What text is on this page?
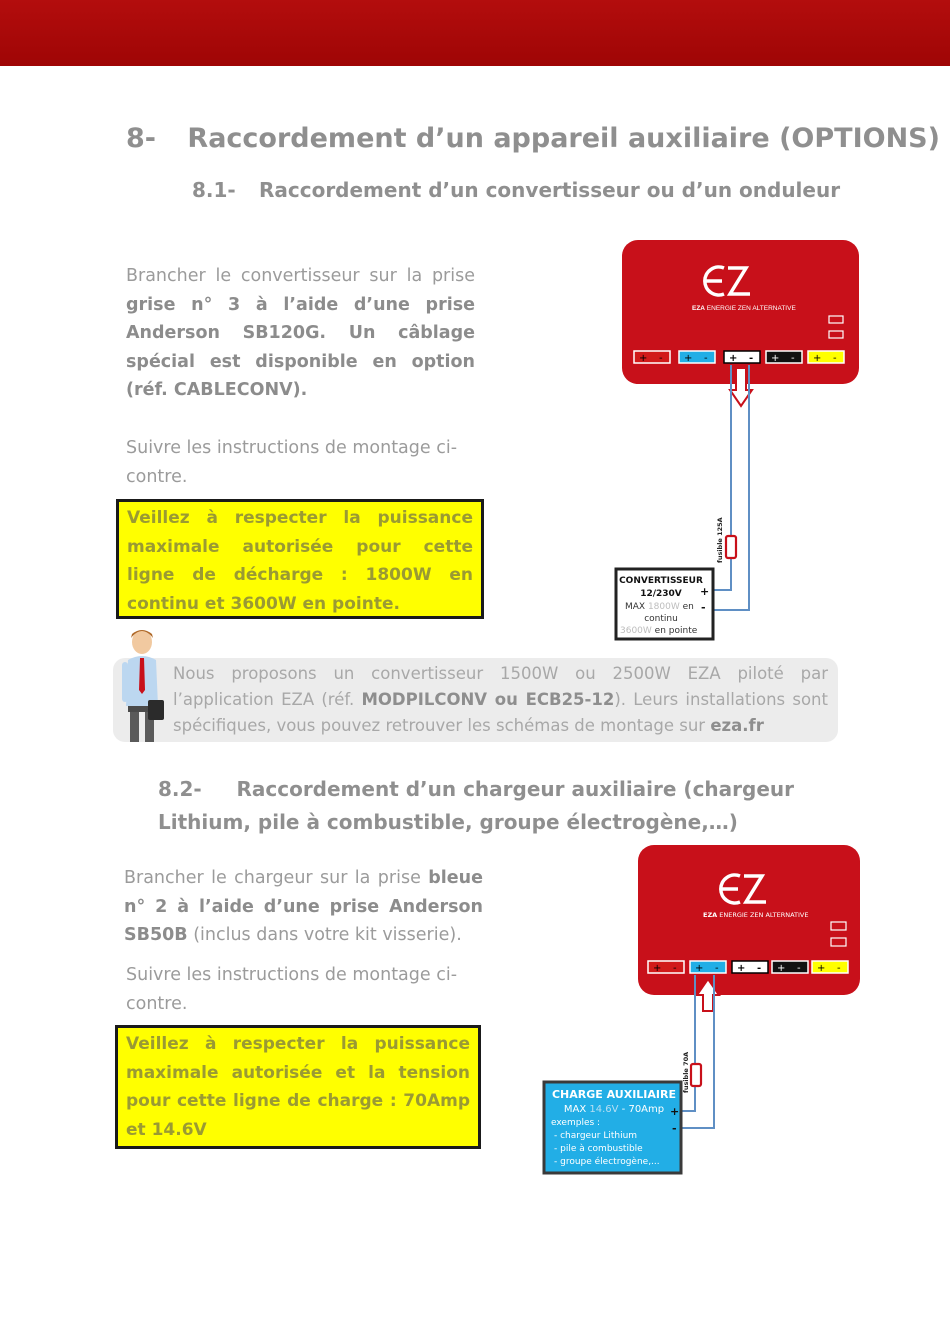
8- Raccordement d’un appareil auxiliaire (OPTIONS)
8.1- Raccordement d’un convertisseur ou d’un onduleur
Brancher le convertisseur sur la prise grise n° 3 à l’aide d’une prise Anderson SB120G. Un câblage spécial est disponible en option (réf. CABLECONV).
Suivre les instructions de montage ci-contre.
Veillez à respecter la puissance maximale autorisée pour cette ligne de décharge : 1800W en continu et 3600W en pointe.
EZA ENERGIE ZEN ALTERNATIVE
+ - + - + - + - + -
fusible 125A
CONVERTISSEUR
12/230V
MAX 1800W en
continu
3600W en pointe
+
-
Nous proposons un convertisseur 1500W ou 2500W EZA piloté par l’application EZA (réf. MODPILCONV ou ECB25-12). Leurs installations sont spécifiques, vous pouvez retrouver les schémas de montage sur eza.fr
8.2- Raccordement d’un chargeur auxiliaire (chargeur
Lithium, pile à combustible, groupe électrogène,…)
Brancher le chargeur sur la prise bleue n° 2 à l’aide d’une prise Anderson SB50B (inclus dans votre kit visserie).
Suivre les instructions de montage ci-contre.
Veillez à respecter la puissance maximale autorisée et la tension pour cette ligne de charge : 70Amp et 14.6V
EZA ENERGIE ZEN ALTERNATIVE
+ - + - + - + - + -
fusible 70A
CHARGE AUXILIAIRE
MAX 14.6V - 70Amp
exemples :
- chargeur Lithium
- pile à combustible
- groupe électrogène,...
+
-
